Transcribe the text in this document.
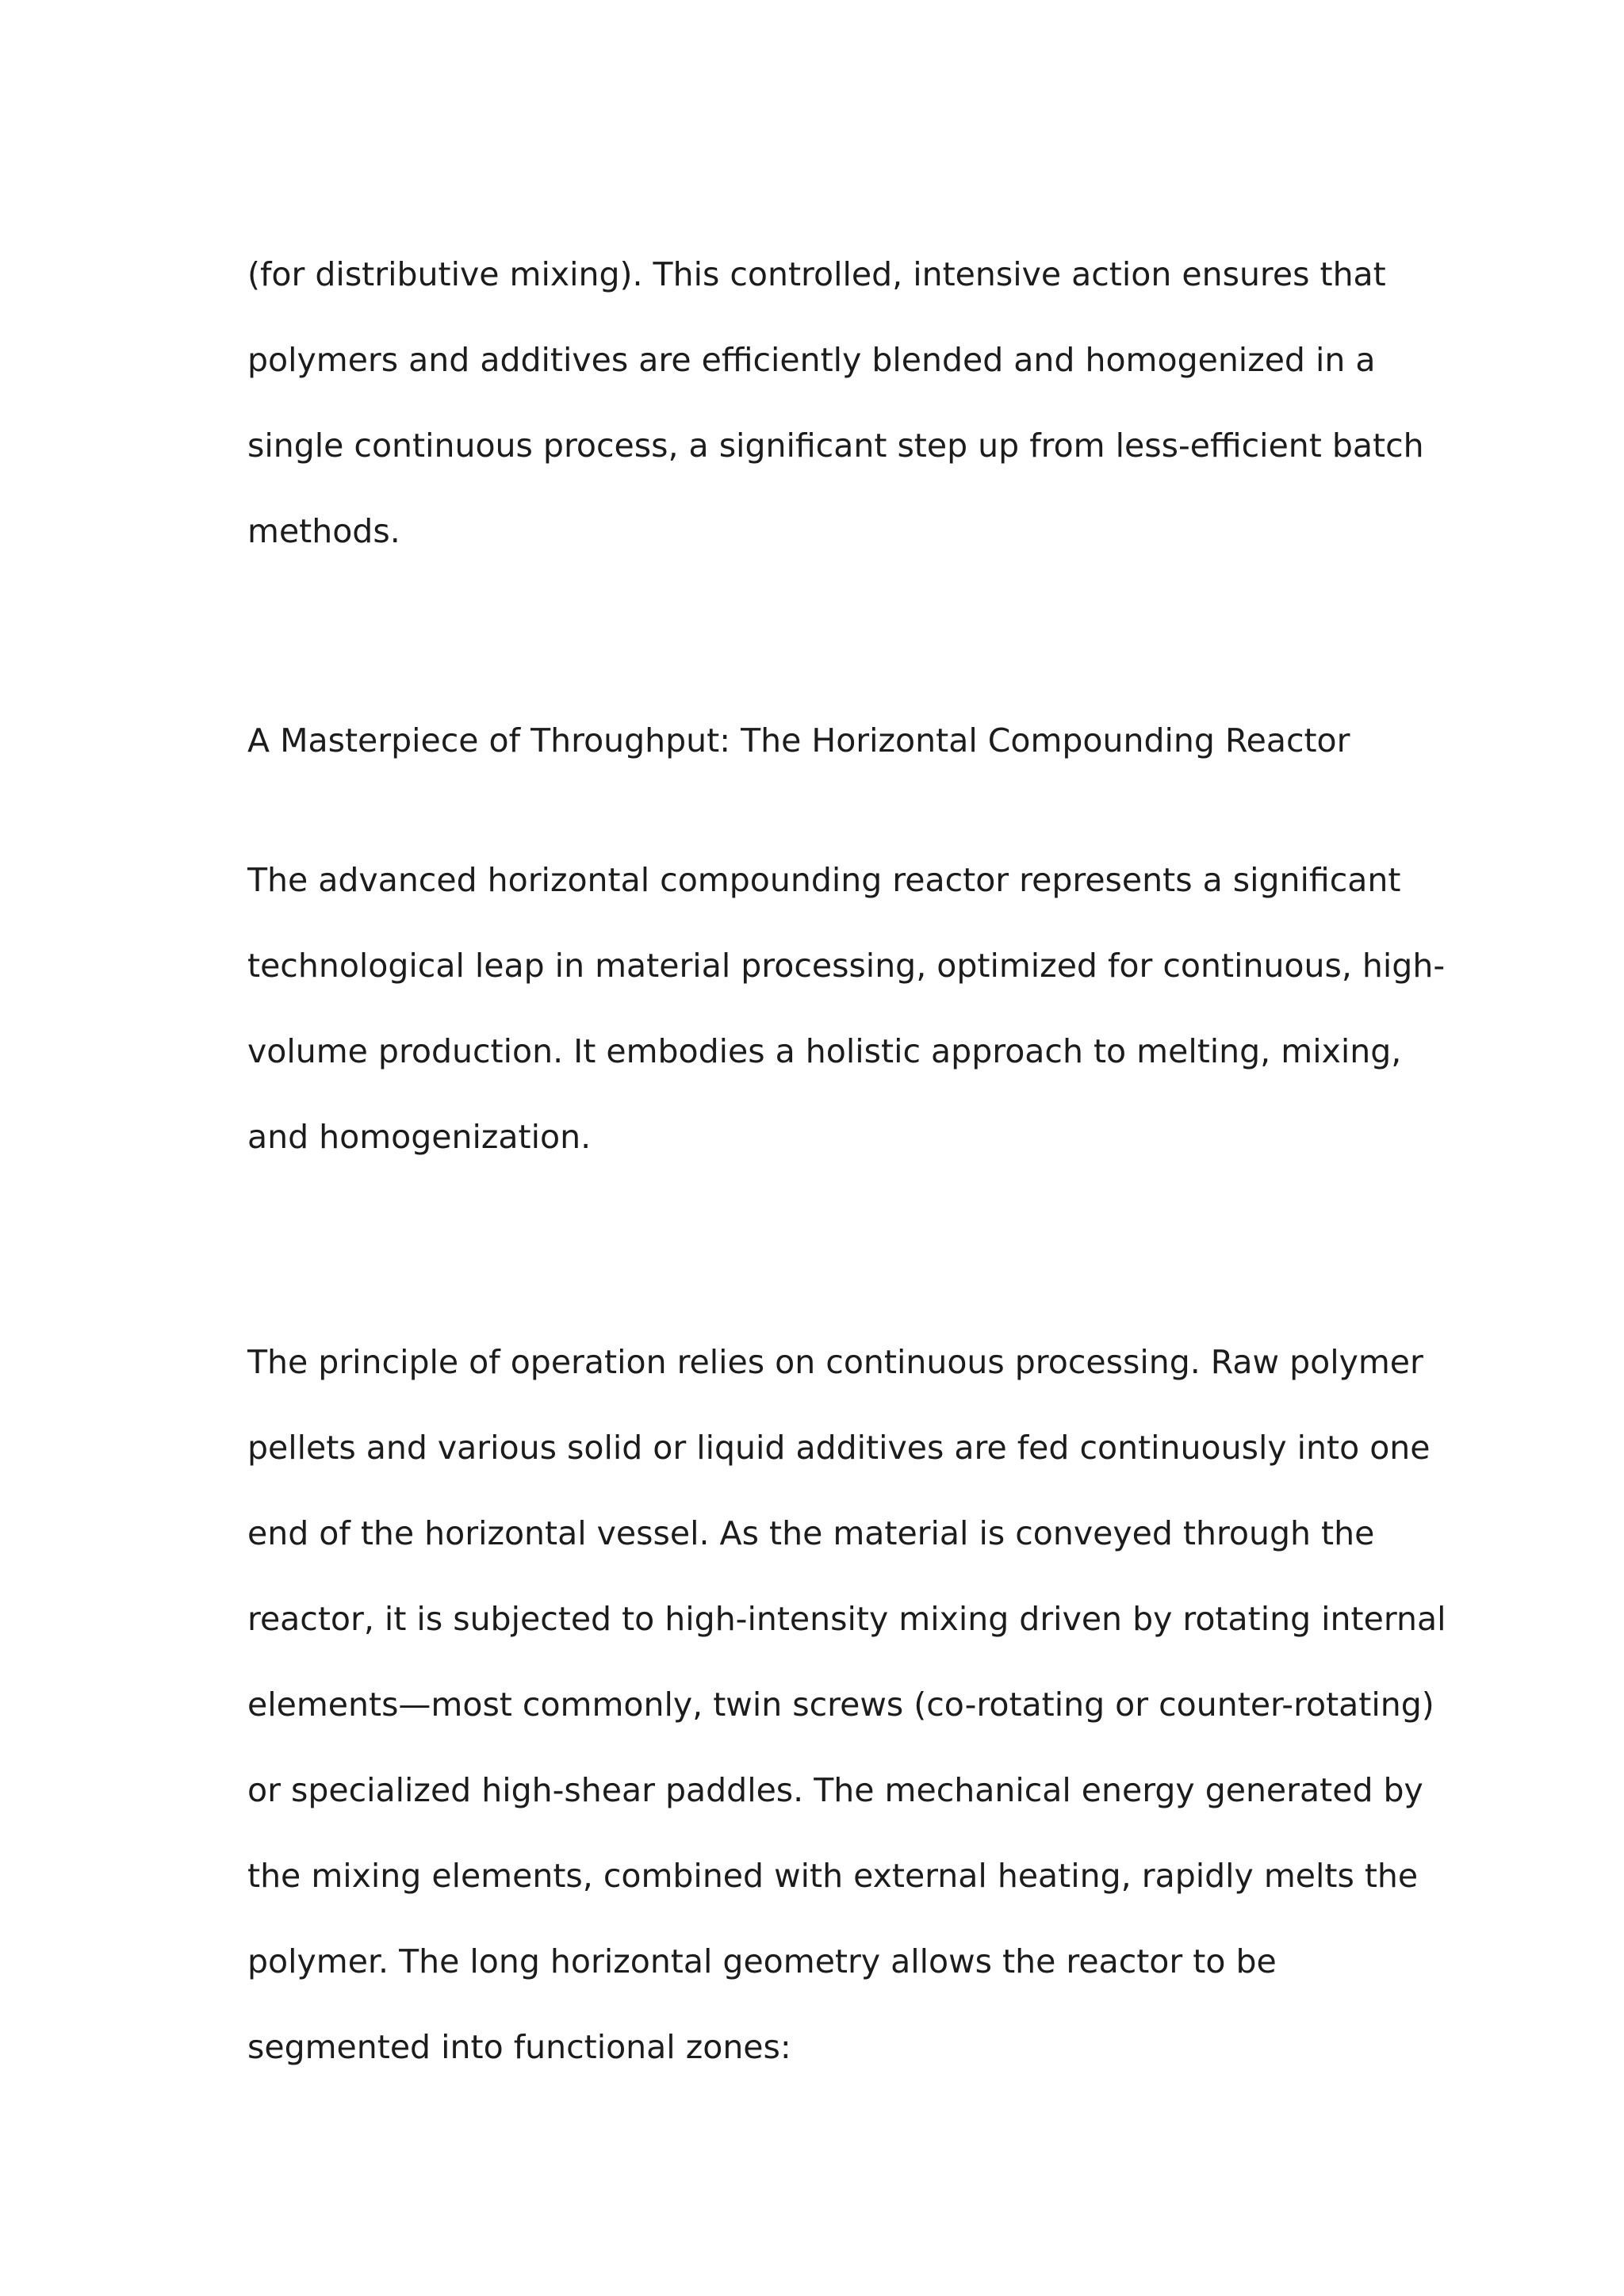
(for distributive mixing). This controlled, intensive action ensures that
polymers and additives are efficiently blended and homogenized in a
single continuous process, a significant step up from less-efficient batch
methods.

A Masterpiece of Throughput: The Horizontal Compounding Reactor

The advanced horizontal compounding reactor represents a significant
technological leap in material processing, optimized for continuous, high-
volume production. It embodies a holistic approach to melting, mixing,
and homogenization.

The principle of operation relies on continuous processing. Raw polymer
pellets and various solid or liquid additives are fed continuously into one
end of the horizontal vessel. As the material is conveyed through the
reactor, it is subjected to high-intensity mixing driven by rotating internal
elements—most commonly, twin screws (co-rotating or counter-rotating)
or specialized high-shear paddles. The mechanical energy generated by
the mixing elements, combined with external heating, rapidly melts the
polymer. The long horizontal geometry allows the reactor to be
segmented into functional zones:
